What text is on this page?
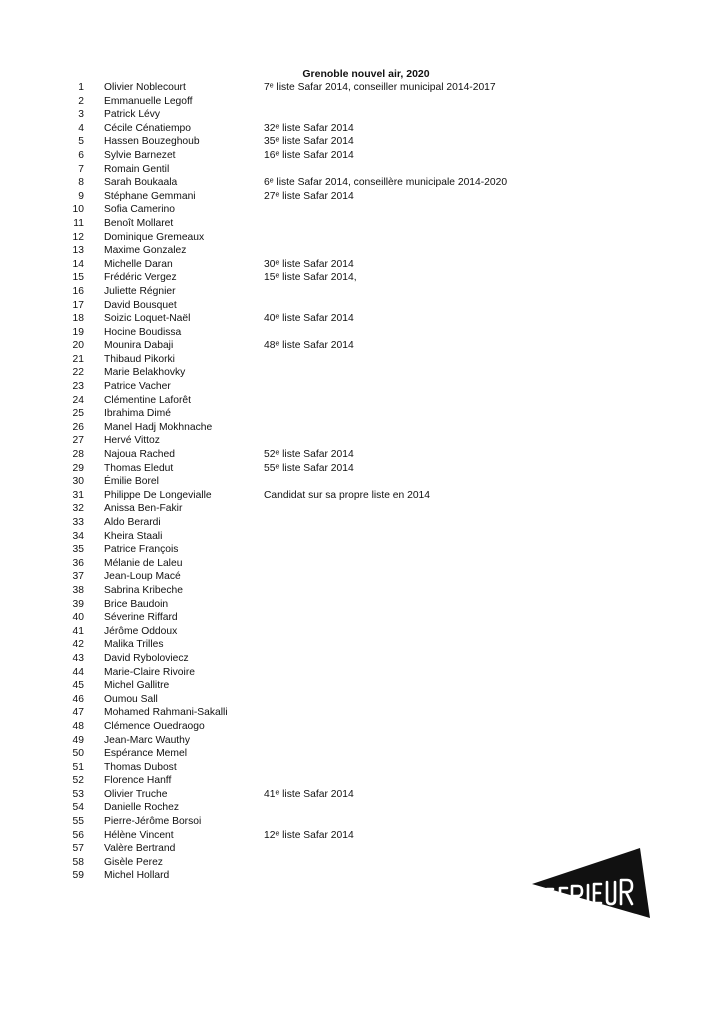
Grenoble nouvel air, 2020
1 Olivier Noblecourt	7ᵉ liste Safar 2014, conseiller municipal 2014-2017
2 Emmanuelle Legoff
3 Patrick Lévy
4 Cécile Cénatiempo	32ᵉ liste Safar 2014
5 Hassen Bouzeghoub	35ᵉ liste Safar 2014
6 Sylvie Barnezet	16ᵉ liste Safar 2014
7 Romain Gentil
8 Sarah Boukaala	6ᵉ liste Safar 2014, conseillère municipale 2014-2020
9 Stéphane Gemmani	27ᵉ liste Safar 2014
10 Sofia Camerino
11 Benoît Mollaret
12 Dominique Gremeaux
13 Maxime Gonzalez
14 Michelle Daran	30ᵉ liste Safar 2014
15 Frédéric Vergez	15ᵉ liste Safar 2014,
16 Juliette Régnier
17 David Bousquet
18 Soizic Loquet-Naël	40ᵉ liste Safar 2014
19 Hocine Boudissa
20 Mounira Dabaji	48ᵉ liste Safar 2014
21 Thibaud Pikorki
22 Marie Belakhovky
23 Patrice Vacher
24 Clémentine Laforêt
25 Ibrahima Dimé
26 Manel Hadj Mokhnache
27 Hervé Vittoz
28 Najoua Rached	52ᵉ liste Safar 2014
29 Thomas Eledut	55ᵉ liste Safar 2014
30 Émilie Borel
31 Philippe De Longevialle	Candidat sur sa propre liste en 2014
32 Anissa Ben-Fakir
33 Aldo Berardi
34 Kheira Staali
35 Patrice François
36 Mélanie de Laleu
37 Jean-Loup Macé
38 Sabrina Kribeche
39 Brice Baudoin
40 Séverine Riffard
41 Jérôme Oddoux
42 Malika Trilles
43 David Ryboloviecz
44 Marie-Claire Rivoire
45 Michel Gallitre
46 Oumou Sall
47 Mohamed Rahmani-Sakalli
48 Clémence Ouedraogo
49 Jean-Marc Wauthy
50 Espérance Memel
51 Thomas Dubost
52 Florence Hanff
53 Olivier Truche	41ᵉ liste Safar 2014
54 Danielle Rochez
55 Pierre-Jérôme Borsoi
56 Hélène Vincent	12ᵉ liste Safar 2014
57 Valère Bertrand
58 Gisèle Perez
59 Michel Hollard
